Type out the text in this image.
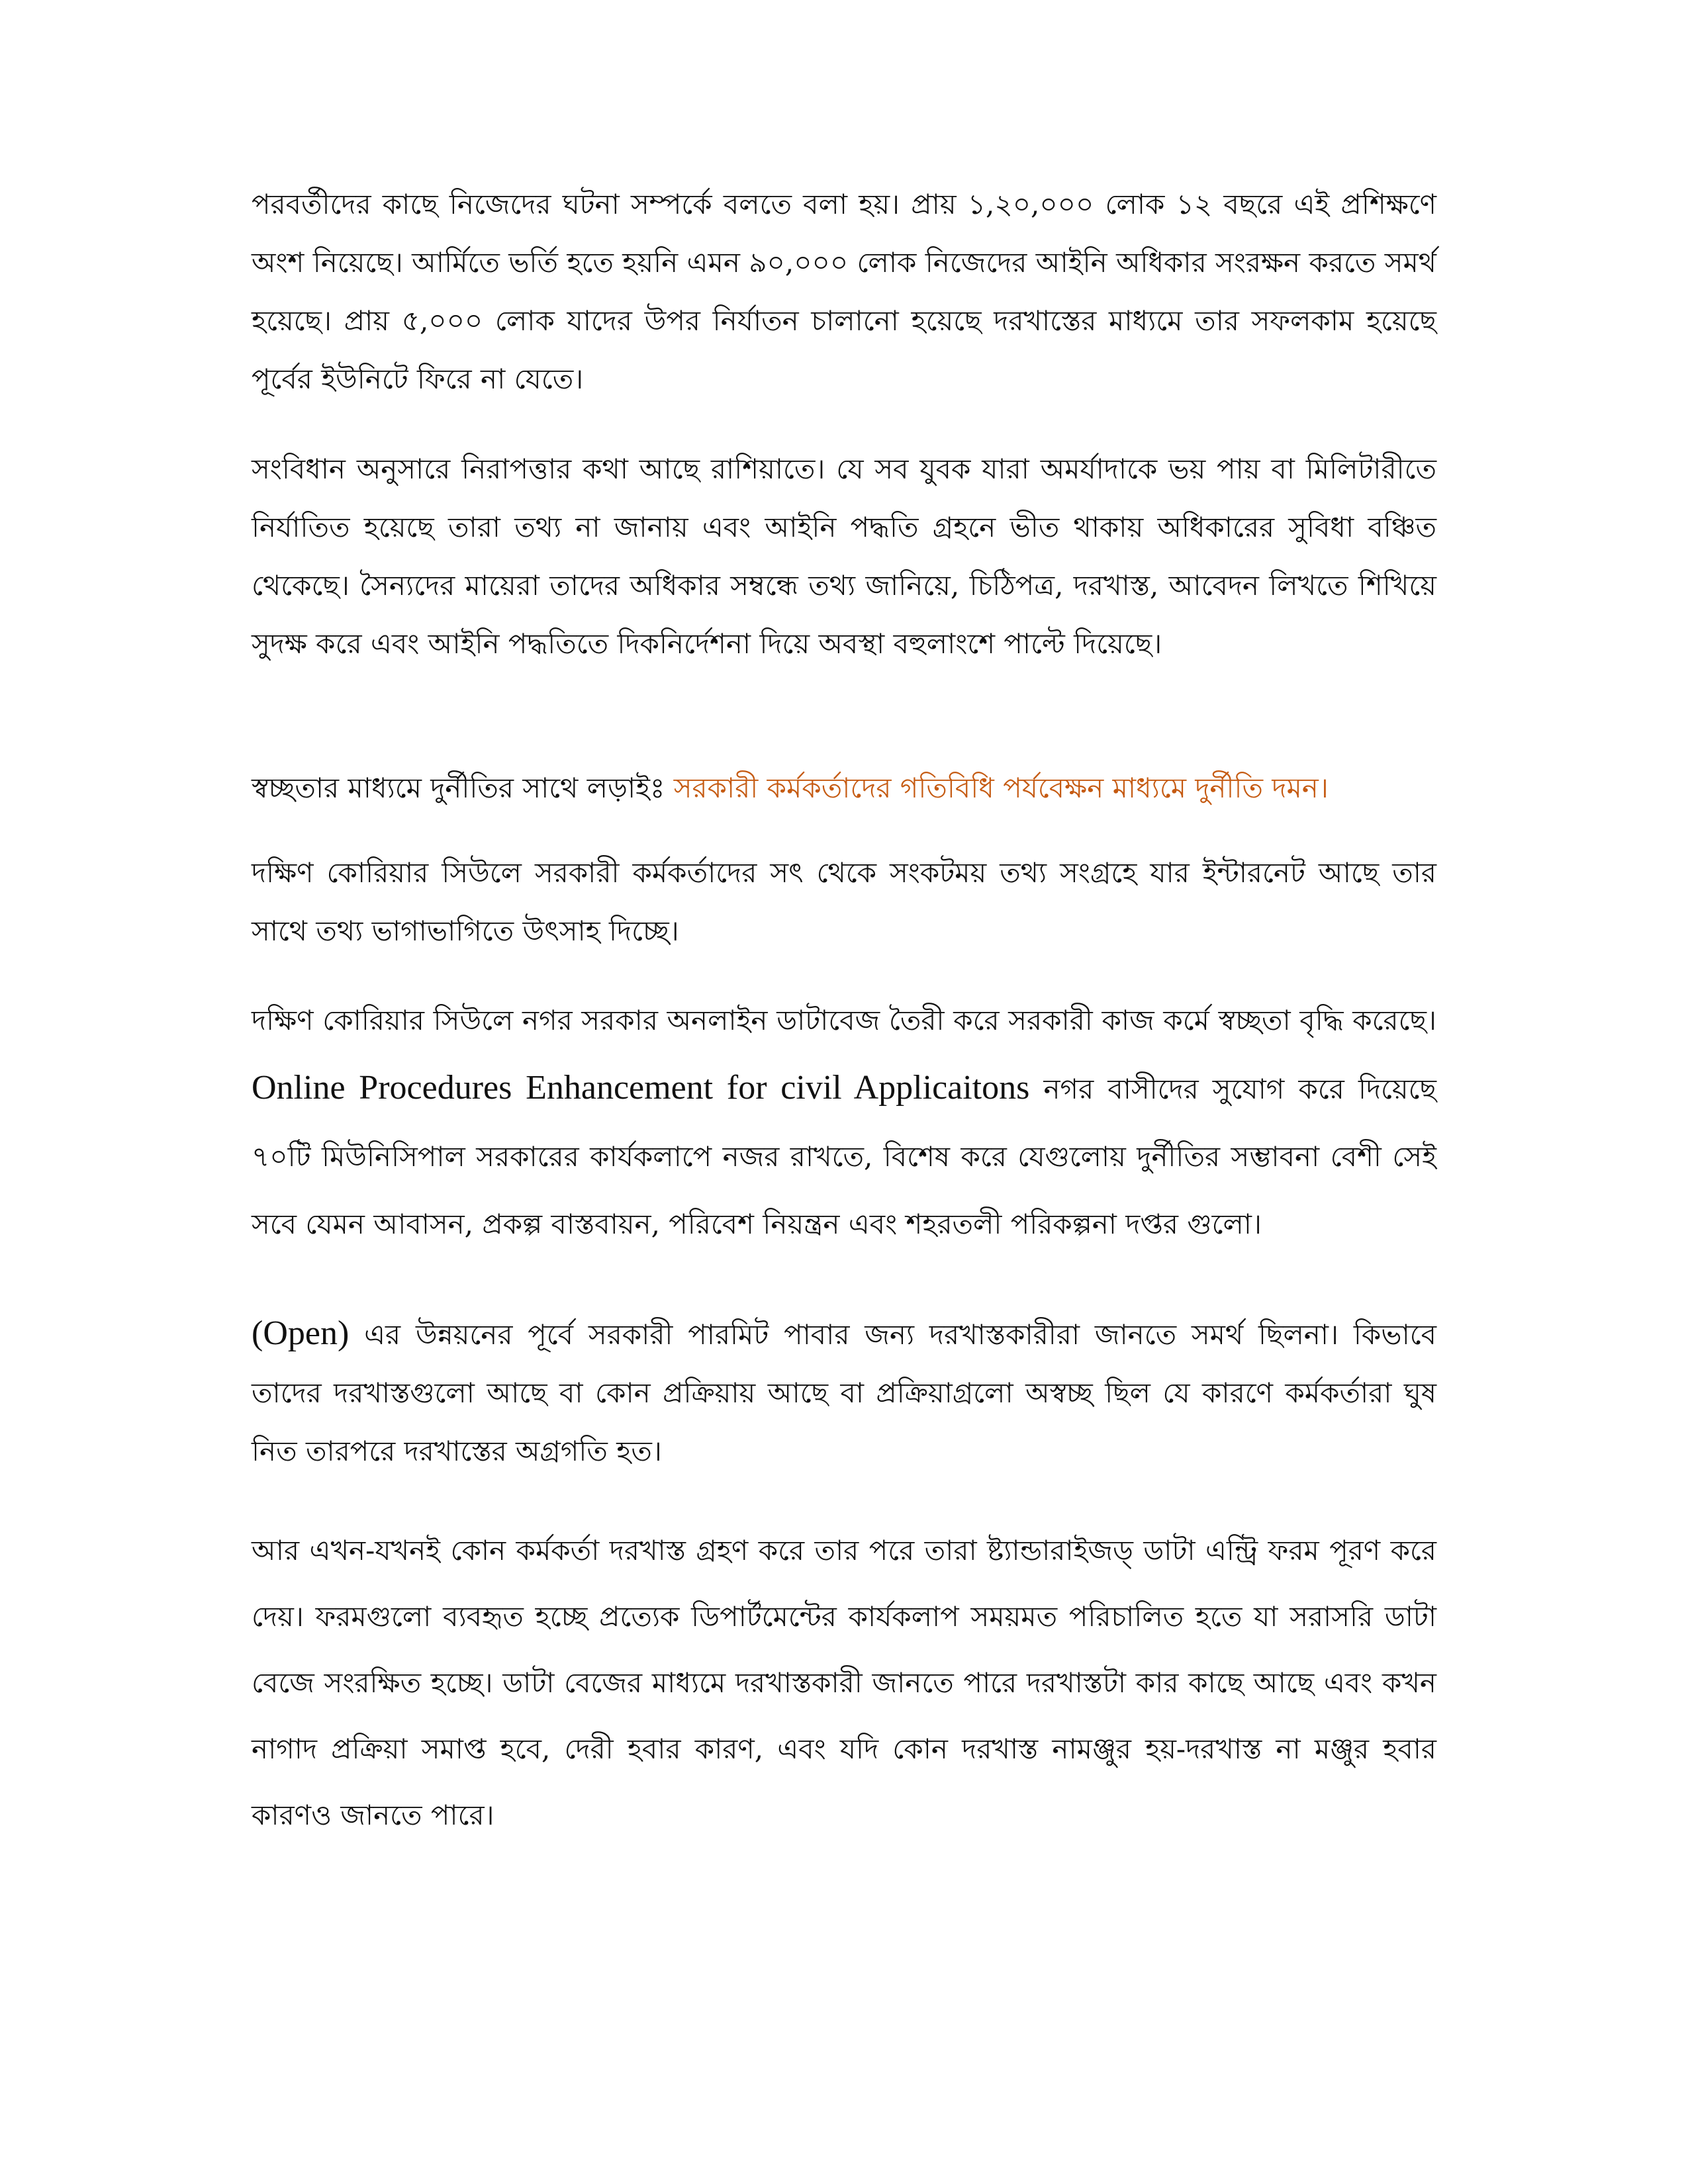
পরবর্তীদের কাছে নিজেদের ঘটনা সম্পর্কে বলতে বলা হয়। প্রায় ১,২০,০০০ লোক ১২ বছরে এই প্রশিক্ষণে অংশ নিয়েছে। আর্মিতে ভর্তি হতে হয়নি এমন ৯০,০০০ লোক নিজেদের আইনি অধিকার সংরক্ষন করতে সমর্থ হয়েছে। প্রায় ৫,০০০ লোক যাদের উপর নির্যাতন চালানো হয়েছে দরখাস্তের মাধ্যমে তার সফলকাম হয়েছে পূর্বের ইউনিটে ফিরে না যেতে।

সংবিধান অনুসারে নিরাপত্তার কথা আছে রাশিয়াতে। যে সব যুবক যারা অমর্যাদাকে ভয় পায় বা মিলিটারীতে নির্যাতিত হয়েছে তারা তথ্য না জানায় এবং আইনি পদ্ধতি গ্রহনে ভীত থাকায় অধিকারের সুবিধা বঞ্চিত থেকেছে। সৈন্যদের মায়েরা তাদের অধিকার সম্বন্ধে তথ্য জানিয়ে, চিঠিপত্র, দরখাস্ত, আবেদন লিখতে শিখিয়ে সুদক্ষ করে এবং আইনি পদ্ধতিতে দিকনির্দেশনা দিয়ে অবস্থা বহুলাংশে পাল্টে দিয়েছে।

স্বচ্ছতার মাধ্যমে দুর্নীতির সাথে লড়াইঃ সরকারী কর্মকর্তাদের গতিবিধি পর্যবেক্ষন মাধ্যমে দুর্নীতি দমন।

দক্ষিণ কোরিয়ার সিউলে সরকারী কর্মকর্তাদের সৎ থেকে সংকটময় তথ্য সংগ্রহে যার ইন্টারনেট আছে তার সাথে তথ্য ভাগাভাগিতে উৎসাহ দিচ্ছে।

দক্ষিণ কোরিয়ার সিউলে নগর সরকার অনলাইন ডাটাবেজ তৈরী করে সরকারী কাজ কর্মে স্বচ্ছতা বৃদ্ধি করেছে। Online Procedures Enhancement for civil Applicaitons নগর বাসীদের সুযোগ করে দিয়েছে ৭০টি মিউনিসিপাল সরকারের কার্যকলাপে নজর রাখতে, বিশেষ করে যেগুলোয় দুর্নীতির সম্ভাবনা বেশী সেই সবে যেমন আবাসন, প্রকল্প বাস্তবায়ন, পরিবেশ নিয়ন্ত্রন এবং শহরতলী পরিকল্পনা দপ্তর গুলো।

(Open) এর উন্নয়নের পূর্বে সরকারী পারমিট পাবার জন্য দরখাস্তকারীরা জানতে সমর্থ ছিলনা। কিভাবে তাদের দরখাস্তগুলো আছে বা কোন প্রক্রিয়ায় আছে বা প্রক্রিয়াগ্রলো অস্বচ্ছ ছিল যে কারণে কর্মকর্তারা ঘুষ নিত তারপরে দরখাস্তের অগ্রগতি হত।

আর এখন-যখনই কোন কর্মকর্তা দরখাস্ত গ্রহণ করে তার পরে তারা ষ্ট্যান্ডারাইজড্ ডাটা এন্ট্রি ফরম পূরণ করে দেয়। ফরমগুলো ব্যবহৃত হচ্ছে প্রত্যেক ডিপার্টমেন্টের কার্যকলাপ সময়মত পরিচালিত হতে যা সরাসরি ডাটা বেজে সংরক্ষিত হচ্ছে। ডাটা বেজের মাধ্যমে দরখাস্তকারী জানতে পারে দরখাস্তটা কার কাছে আছে এবং কখন নাগাদ প্রক্রিয়া সমাপ্ত হবে, দেরী হবার কারণ, এবং যদি কোন দরখাস্ত নামঞ্জুর হয়-দরখাস্ত না মঞ্জুর হবার কারণও জানতে পারে।
